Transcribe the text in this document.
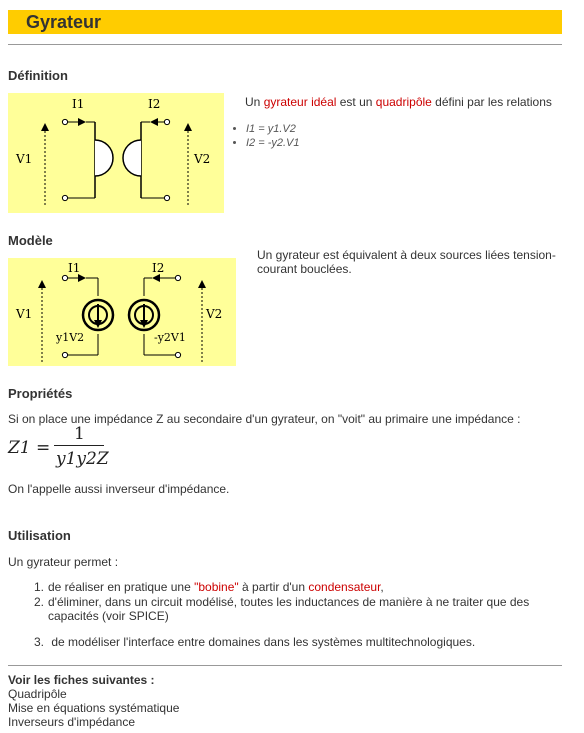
Gyrateur
Définition
I1	I2
V1	V2
Un gyrateur idéal est un quadripôle défini par les relations
• I1 = y1.V2
• I2 = -y2.V1
Modèle
I1	I2
V1	V2
y1V2	-y2V1
Un gyrateur est équivalent à deux sources liées tension-courant bouclées.
Propriétés
Si on place une impédance Z au secondaire d'un gyrateur, on "voit" au primaire une impédance :
Z1 =
1
y1y2Z
On l'appelle aussi inverseur d'impédance.
Utilisation
Un gyrateur permet :
1. de réaliser en pratique une "bobine" à partir d'un condensateur,
2. d'éliminer, dans un circuit modélisé, toutes les inductances de manière à ne traiter que des
capacités (voir SPICE)
3. de modéliser l'interface entre domaines dans les systèmes multitechnologiques.
Voir les fiches suivantes :
Quadripôle
Mise en équations systématique
Inverseurs d'impédance
